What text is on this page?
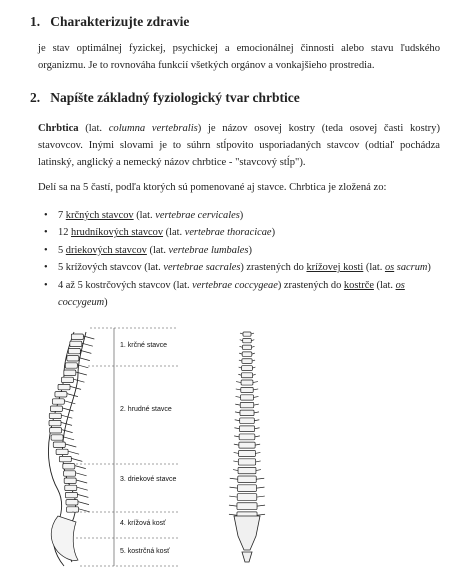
1. Charakterizujte zdravie

je stav optimálnej fyzickej, psychickej a emocionálnej činnosti alebo stavu ľudského organizmu. Je to rovnováha funkcií všetkých orgánov a vonkajšieho prostredia.

2. Napíšte základný fyziologický tvar chrbtice

Chrbtica (lat. columna vertebralis) je názov osovej kostry (teda osovej časti kostry) stavovcov. Inými slovami je to súhrn stĺpovito usporiadaných stavcov (odtiaľ pochádza latinský, anglický a nemecký názov chrbtice - "stavcový stĺp").

Delí sa na 5 častí, podľa ktorých sú pomenované aj stavce. Chrbtica je zložená zo:

• 7 krčných stavcov (lat. vertebrae cervicales)
• 12 hrudníkových stavcov (lat. vertebrae thoracicae)
• 5 driekových stavcov (lat. vertebrae lumbales)
• 5 krížových stavcov (lat. vertebrae sacrales) zrastených do krížovej kosti (lat. os sacrum)
• 4 až 5 kostrčových stavcov (lat. vertebrae coccygeae) zrastených do kostrče (lat. os coccygeum)
1. krčné stavce
2. hrudné stavce
3. driekové stavce
4. krížová kosť
5. kostrčná kosť
